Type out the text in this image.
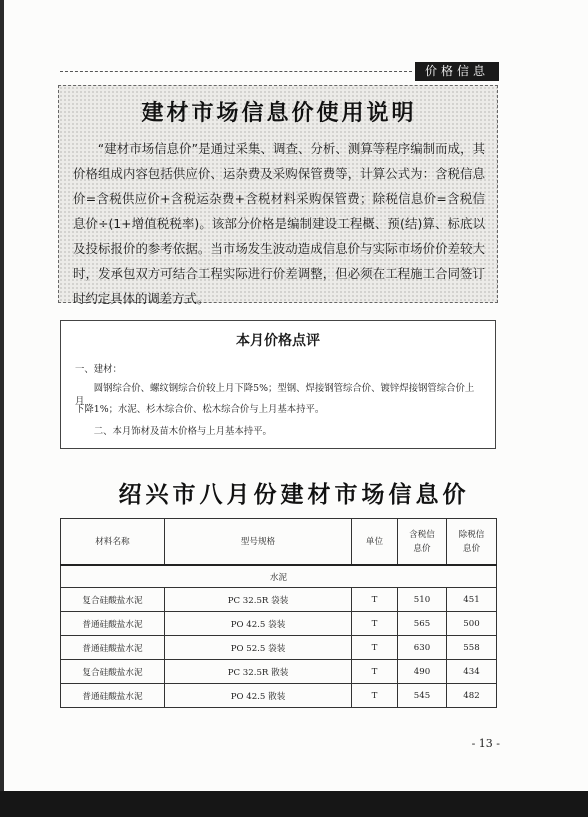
价格信息
建材市场信息价使用说明
“建材市场信息价”是通过采集、调查、分析、测算等程序编制而成，其价格组成内容包括供应价、运杂费及采购保管费等，计算公式为：含税信息价=含税供应价+含税运杂费+含税材料采购保管费；除税信息价=含税信息价÷(1+增值税税率)。该部分价格是编制建设工程概、预(结)算、标底以及投标报价的参考依据。当市场发生波动造成信息价与实际市场价价差较大时，发承包双方可结合工程实际进行价差调整，但必须在工程施工合同签订时约定具体的调差方式。
本月价格点评
一、建材：
圆钢综合价、螺纹钢综合价较上月下降5%；型钢、焊接钢管综合价、镀锌焊接钢管综合价上月
下降1%；水泥、杉木综合价、松木综合价与上月基本持平。
二、本月饰材及苗木价格与上月基本持平。
绍兴市八月份建材市场信息价
材料名称	型号规格	单位	含税信息价	除税信息价
水泥				
复合硅酸盐水泥	PC 32.5R 袋装	T	510	451
普通硅酸盐水泥	PO 42.5 袋装	T	565	500
普通硅酸盐水泥	PO 52.5 袋装	T	630	558
复合硅酸盐水泥	PC 32.5R 散装	T	490	434
普通硅酸盐水泥	PO 42.5 散装	T	545	482
- 13 -
